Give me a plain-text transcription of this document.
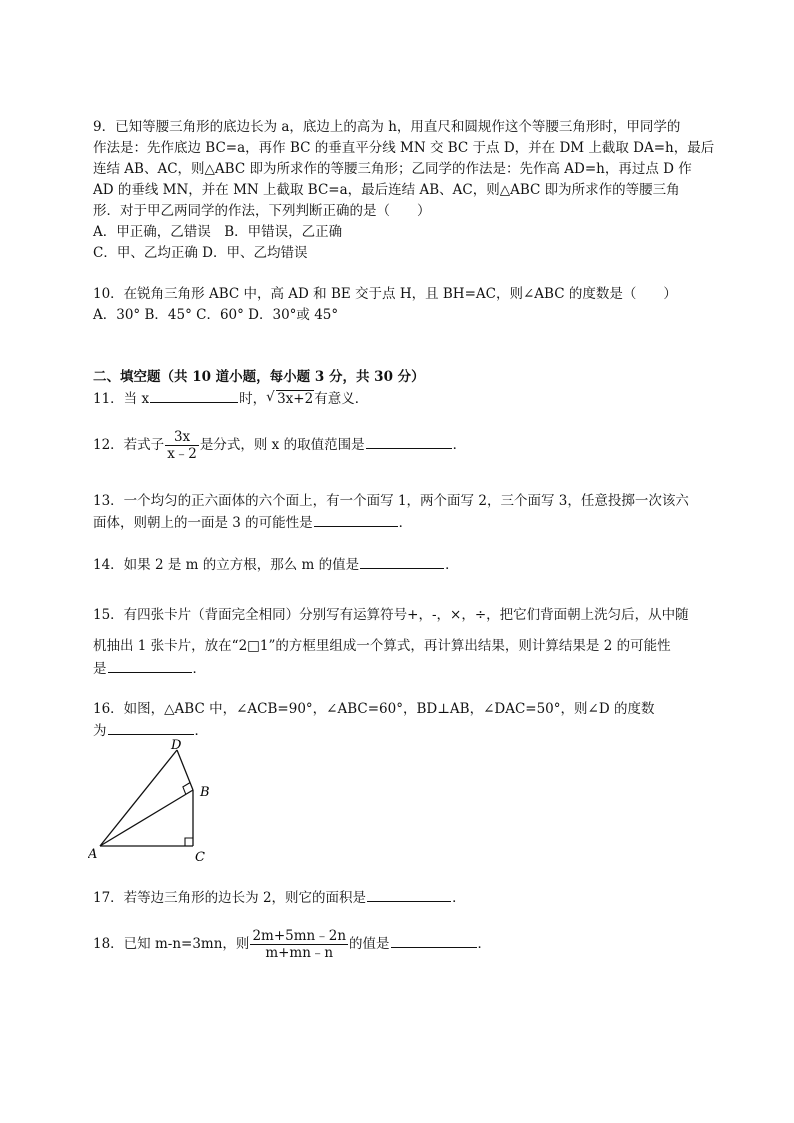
9．已知等腰三角形的底边长为 a，底边上的高为 h，用直尺和圆规作这个等腰三角形时，甲同学的
作法是：先作底边 BC=a，再作 BC 的垂直平分线 MN 交 BC 于点 D，并在 DM 上截取 DA=h，最后
连结 AB、AC，则△ABC 即为所求作的等腰三角形；乙同学的作法是：先作高 AD=h，再过点 D 作
AD 的垂线 MN，并在 MN 上截取 BC=a，最后连结 AB、AC，则△ABC 即为所求作的等腰三角
形．对于甲乙两同学的作法，下列判断正确的是（　　）
A．甲正确，乙错误　B．甲错误，乙正确
C．甲、乙均正确 D．甲、乙均错误
10．在锐角三角形 ABC 中，高 AD 和 BE 交于点 H，且 BH=AC，则∠ABC 的度数是（　　）
A．30° B．45° C．60° D．30°或 45°
二、填空题（共 10 道小题，每小题 3 分，共 30 分）
11．当 x	时， √ 3x+2有意义．
12．若式子 $\frac{3x}{x﹣2}$ 是分式，则 x 的取值范围是	．
13．一个均匀的正六面体的六个面上，有一个面写 1，两个面写 2，三个面写 3，任意投掷一次该六
面体，则朝上的一面是 3 的可能性是	．
14．如果 2 是 m 的立方根，那么 m 的值是	．
15．有四张卡片（背面完全相同）分别写有运算符号+，-，×，÷，把它们背面朝上洗匀后，从中随
机抽出 1 张卡片，放在“2□1”的方框里组成一个算式，再计算出结果，则计算结果是 2 的可能性
是	．
16．如图，△ABC 中，∠ACB=90°，∠ABC=60°，BD⊥AB，∠DAC=50°，则∠D 的度数
为	．
A	C
B
D
17．若等边三角形的边长为 2，则它的面积是	．
18．已知 m-n=3mn，则 $\frac{2m+5mn﹣2n}{m+mn﹣n}$ 的值是	．
